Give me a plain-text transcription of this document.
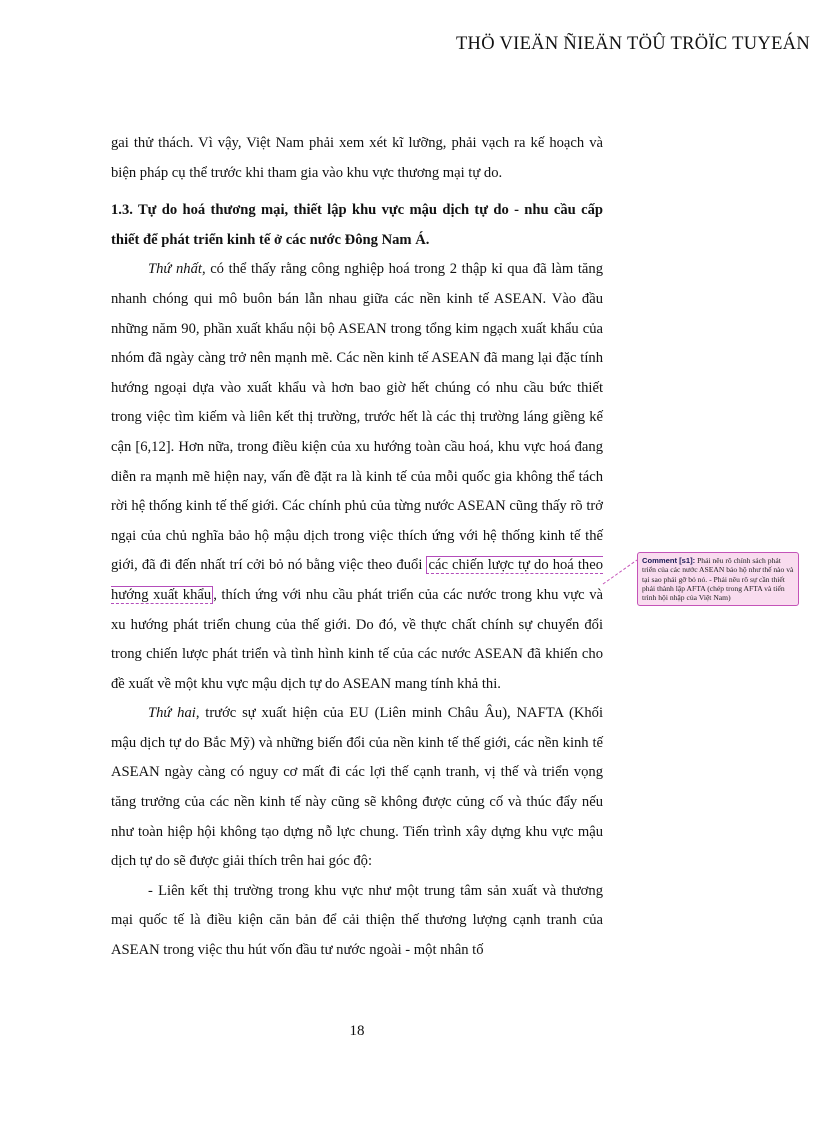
THÖ VIEÄN ÑIEÄN TÖÛ TRÖÏC TUYEÁN

gai thử thách. Vì vậy, Việt Nam phải xem xét kĩ lưỡng, phải vạch ra kế hoạch và biện pháp cụ thể trước khi tham gia vào khu vực thương mại tự do.

1.3. Tự do hoá thương mại, thiết lập khu vực mậu dịch tự do - nhu cầu cấp thiết để phát triển kinh tế ở các nước Đông Nam Á.

Thứ nhất, có thể thấy rằng công nghiệp hoá trong 2 thập kỉ qua đã làm tăng nhanh chóng qui mô buôn bán lẫn nhau giữa các nền kinh tế ASEAN. Vào đầu những năm 90, phần xuất khẩu nội bộ ASEAN trong tổng kim ngạch xuất khẩu của nhóm đã ngày càng trở nên mạnh mẽ. Các nền kinh tế ASEAN đã mang lại đặc tính hướng ngoại dựa vào xuất khẩu và hơn bao giờ hết chúng có nhu cầu bức thiết trong việc tìm kiếm và liên kết thị trường, trước hết là các thị trường láng giềng kế cận [6,12]. Hơn nữa, trong điều kiện của xu hướng toàn cầu hoá, khu vực hoá đang diễn ra mạnh mẽ hiện nay, vấn đề đặt ra là kinh tế của mỗi quốc gia không thể tách rời hệ thống kinh tế thế giới. Các chính phủ của từng nước ASEAN cũng thấy rõ trở ngại của chủ nghĩa bảo hộ mậu dịch trong việc thích ứng với hệ thống kinh tế thế giới, đã đi đến nhất trí cởi bỏ nó bằng việc theo đuổi các chiến lược tự do hoá theo hướng xuất khẩu , thích ứng với nhu cầu phát triển của các nước trong khu vực và xu hướng phát triển chung của thế giới. Do đó, về thực chất chính sự chuyển đổi trong chiến lược phát triển và tình hình kinh tế của các nước ASEAN đã khiến cho đề xuất về một khu vực mậu dịch tự do ASEAN mang tính khả thi.

Thứ hai, trước sự xuất hiện của EU (Liên minh Châu Âu), NAFTA (Khối mậu dịch tự do Bắc Mỹ) và những biến đổi của nền kinh tế thế giới, các nền kinh tế ASEAN ngày càng có nguy cơ mất đi các lợi thế cạnh tranh, vị thế và triển vọng tăng trưởng của các nền kinh tế này cũng sẽ không được củng cố và thúc đẩy nếu như toàn hiệp hội không tạo dựng nỗ lực chung. Tiến trình xây dựng khu vực mậu dịch tự do sẽ được giải thích trên hai góc độ:

- Liên kết thị trường trong khu vực như một trung tâm sản xuất và thương mại quốc tế là điều kiện căn bản để cải thiện thế thương lượng cạnh tranh của ASEAN trong việc thu hút vốn đầu tư nước ngoài - một nhân tố

Comment [s1]: Phải nêu rõ chính sách phát triển của các nước ASEAN bảo hộ như thế nào và tại sao phải gỡ bỏ nó. - Phải nêu rõ sự cần thiết phải thành lập AFTA (chép trong AFTA và tiến trình hội nhập của Việt Nam)
18
